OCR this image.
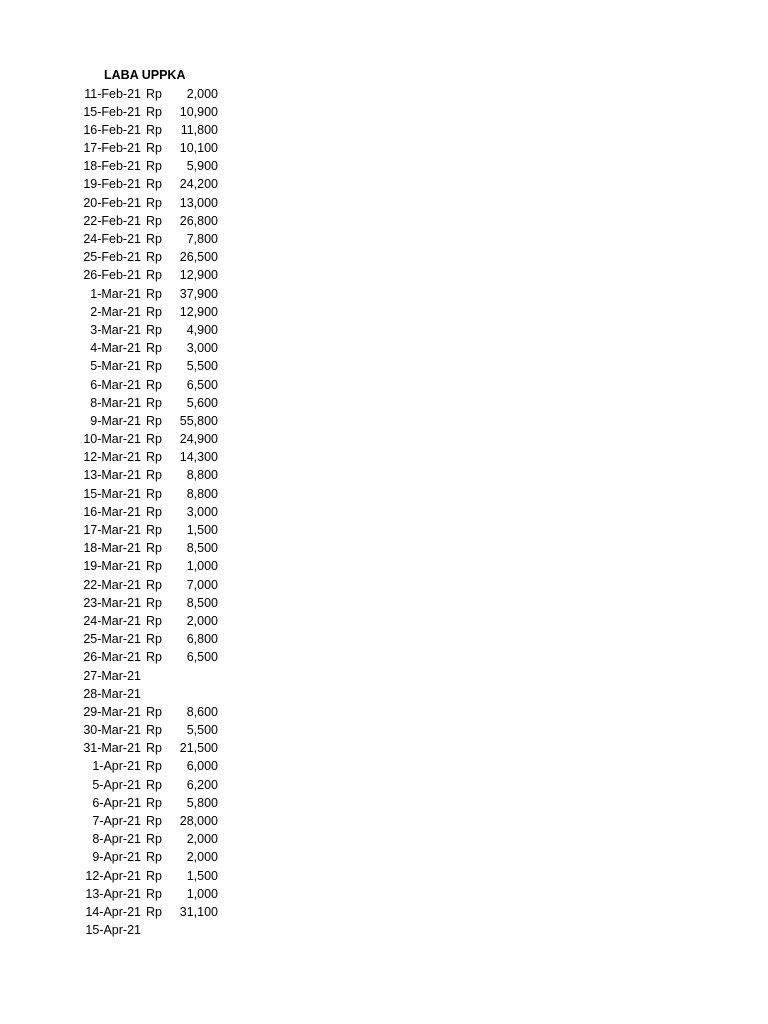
LABA UPPKA
11-Feb-21 Rp	2,000
15-Feb-21 Rp	10,900
16-Feb-21 Rp	11,800
17-Feb-21 Rp	10,100
18-Feb-21 Rp	5,900
19-Feb-21 Rp	24,200
20-Feb-21 Rp	13,000
22-Feb-21 Rp	26,800
24-Feb-21 Rp	7,800
25-Feb-21 Rp	26,500
26-Feb-21 Rp	12,900
1-Mar-21 Rp	37,900
2-Mar-21 Rp	12,900
3-Mar-21 Rp	4,900
4-Mar-21 Rp	3,000
5-Mar-21 Rp	5,500
6-Mar-21 Rp	6,500
8-Mar-21 Rp	5,600
9-Mar-21 Rp	55,800
10-Mar-21 Rp	24,900
12-Mar-21 Rp	14,300
13-Mar-21 Rp	8,800
15-Mar-21 Rp	8,800
16-Mar-21 Rp	3,000
17-Mar-21 Rp	1,500
18-Mar-21 Rp	8,500
19-Mar-21 Rp	1,000
22-Mar-21 Rp	7,000
23-Mar-21 Rp	8,500
24-Mar-21 Rp	2,000
25-Mar-21 Rp	6,800
26-Mar-21 Rp	6,500
27-Mar-21
28-Mar-21
29-Mar-21 Rp	8,600
30-Mar-21 Rp	5,500
31-Mar-21 Rp	21,500
1-Apr-21 Rp	6,000
5-Apr-21 Rp	6,200
6-Apr-21 Rp	5,800
7-Apr-21 Rp	28,000
8-Apr-21 Rp	2,000
9-Apr-21 Rp	2,000
12-Apr-21 Rp	1,500
13-Apr-21 Rp	1,000
14-Apr-21 Rp	31,100
15-Apr-21
